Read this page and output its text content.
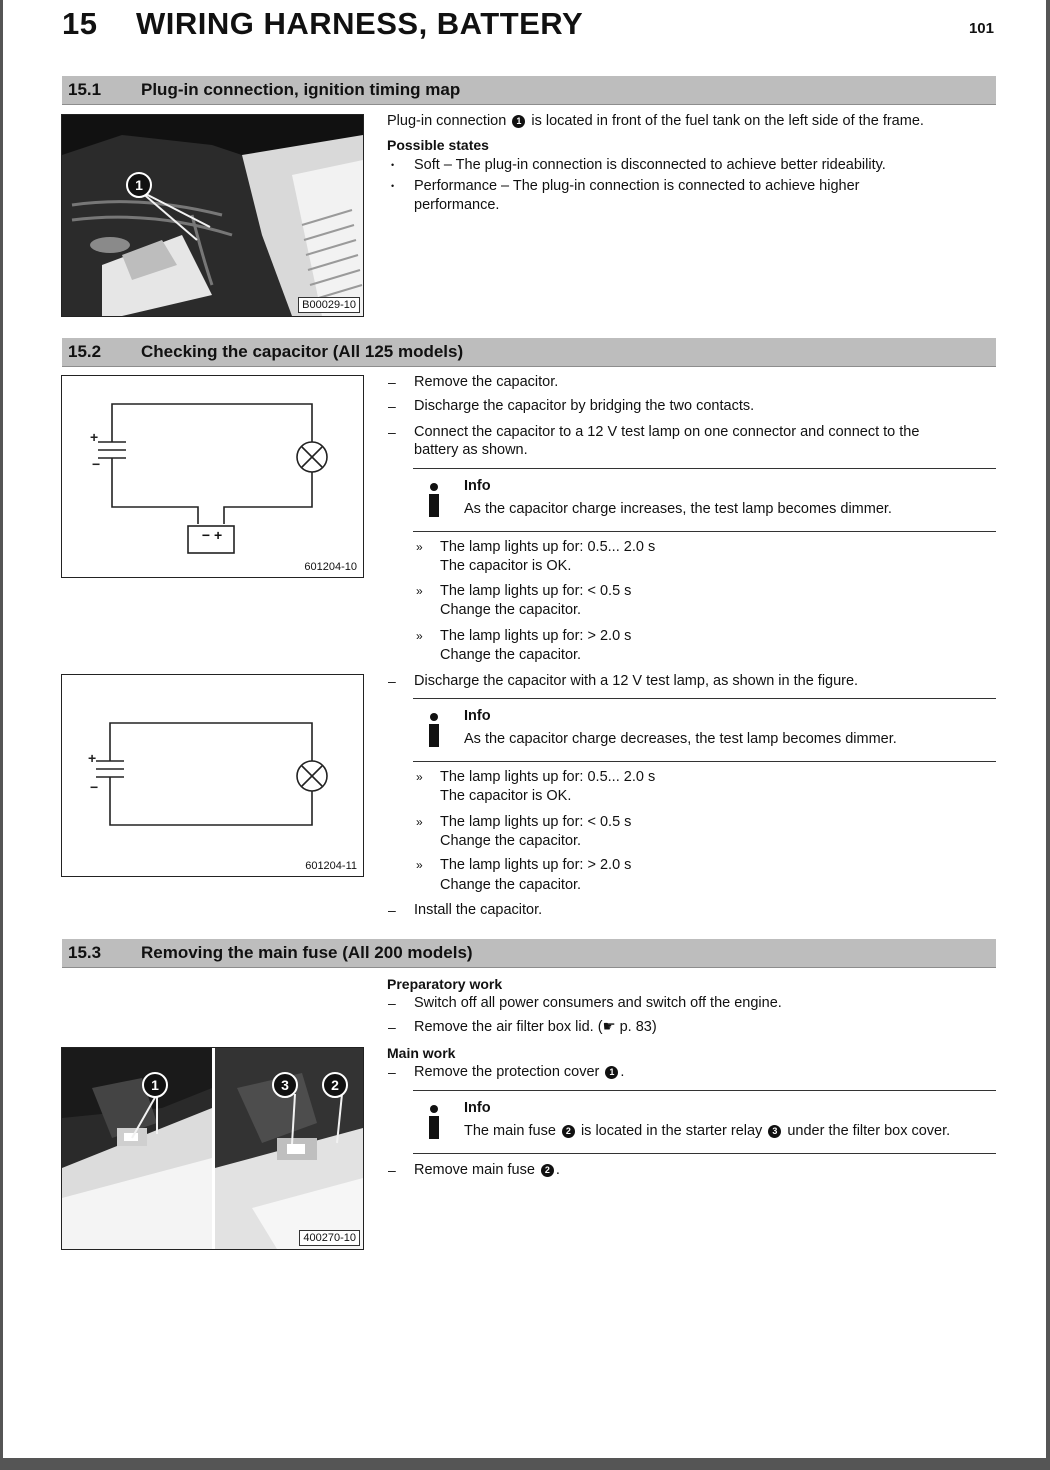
15 WIRING HARNESS, BATTERY	101
15.1 Plug-in connection, ignition timing map
1
B00029-10
Plug-in connection 1 is located in front of the fuel tank on the left side of the frame.
Possible states
• Soft – The plug-in connection is disconnected to achieve better rideability.
• Performance – The plug-in connection is connected to achieve higher
performance.
15.2 Checking the capacitor (All 125 models)
+
−
− +
601204-10
– Remove the capacitor.
– Discharge the capacitor by bridging the two contacts.
– Connect the capacitor to a 12 V test lamp on one connector and connect to the
battery as shown.
Info
As the capacitor charge increases, the test lamp becomes dimmer.
» The lamp lights up for: 0.5... 2.0 s
The capacitor is OK.
» The lamp lights up for: < 0.5 s
Change the capacitor.
» The lamp lights up for: > 2.0 s
Change the capacitor.
+
−
601204-11
– Discharge the capacitor with a 12 V test lamp, as shown in the figure.
Info
As the capacitor charge decreases, the test lamp becomes dimmer.
» The lamp lights up for: 0.5... 2.0 s
The capacitor is OK.
» The lamp lights up for: < 0.5 s
Change the capacitor.
» The lamp lights up for: > 2.0 s
Change the capacitor.
– Install the capacitor.
15.3 Removing the main fuse (All 200 models)
Preparatory work
– Switch off all power consumers and switch off the engine.
– Remove the air filter box lid. (☛ p. 83)
Main work
– Remove the protection cover 1 .
Info
The main fuse 2 is located in the starter relay 3 under the filter box cover.
– Remove main fuse 2 .
1	3	2
400270-10
